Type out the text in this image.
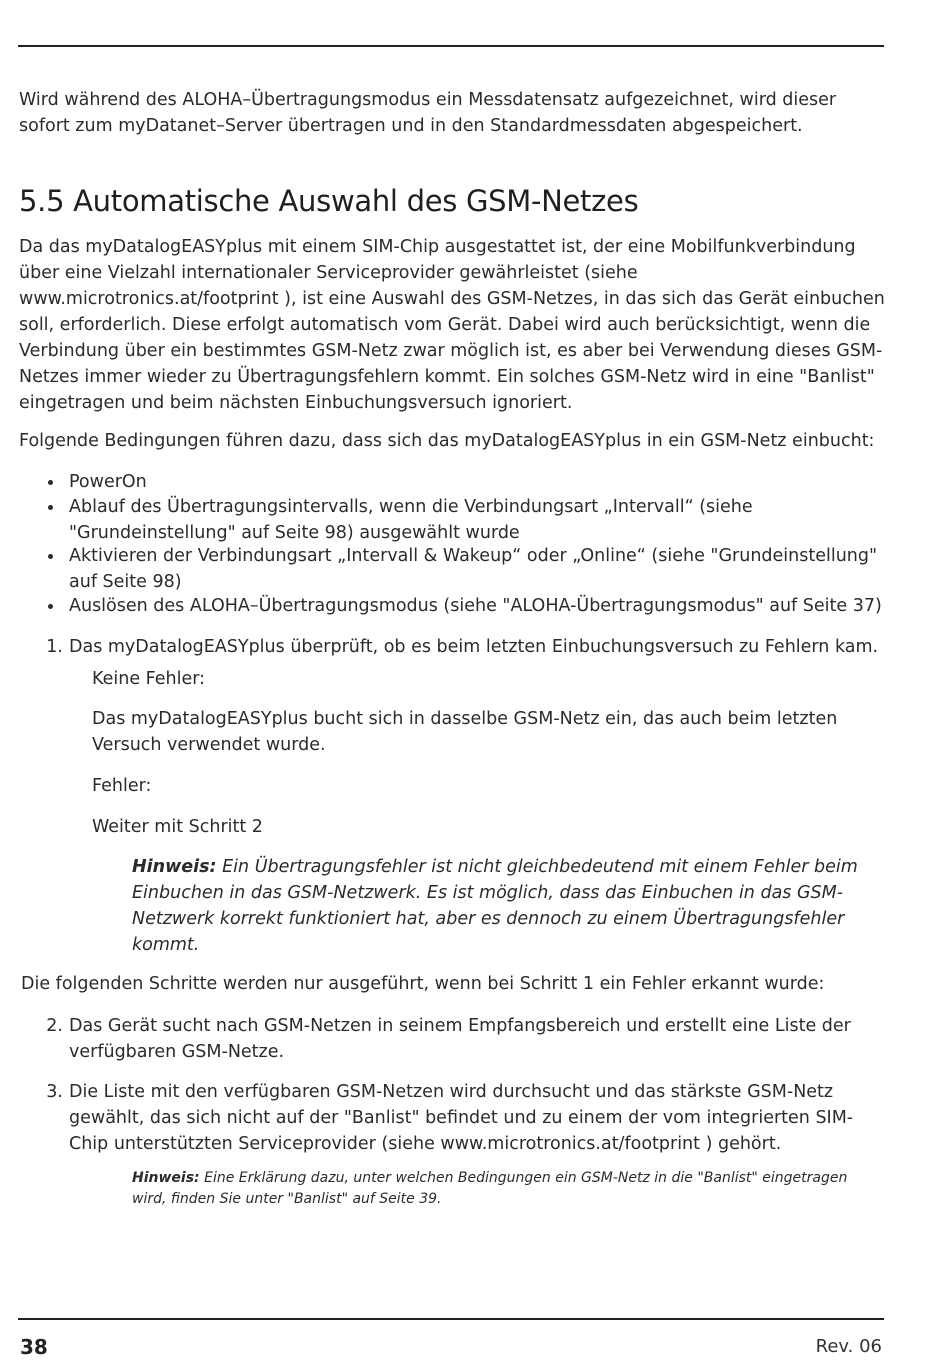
Wird während des ALOHA–Übertragungsmodus ein Messdatensatz aufgezeichnet, wird dieser sofort zum myDatanet–Server übertragen und in den Standardmessdaten abgespeichert.

5.5 Automatische Auswahl des GSM-Netzes

Da das myDatalogEASYplus mit einem SIM-Chip ausgestattet ist, der eine Mobilfunkverbindung über eine Vielzahl internationaler Serviceprovider gewährleistet (siehe www.microtronics.at/footprint ), ist eine Auswahl des GSM-Netzes, in das sich das Gerät einbuchen soll, erforderlich. Diese erfolgt automatisch vom Gerät. Dabei wird auch berücksichtigt, wenn die Verbindung über ein bestimmtes GSM-Netz zwar möglich ist, es aber bei Verwendung dieses GSM-Netzes immer wieder zu Übertragungsfehlern kommt. Ein solches GSM-Netz wird in eine "Banlist" eingetragen und beim nächsten Einbuchungsversuch ignoriert.

Folgende Bedingungen führen dazu, dass sich das myDatalogEASYplus in ein GSM-Netz einbucht:

PowerOn
Ablauf des Übertragungsintervalls, wenn die Verbindungsart „Intervall“ (siehe "Grundeinstellung" auf Seite 98) ausgewählt wurde
Aktivieren der Verbindungsart „Intervall & Wakeup“ oder „Online“ (siehe "Grundeinstellung" auf Seite 98)
Auslösen des ALOHA–Übertragungsmodus (siehe "ALOHA-Übertragungsmodus" auf Seite 37)
1. Das myDatalogEASYplus überprüft, ob es beim letzten Einbuchungsversuch zu Fehlern kam.

Keine Fehler:

Das myDatalogEASYplus bucht sich in dasselbe GSM-Netz ein, das auch beim letzten Versuch verwendet wurde.

Fehler:

Weiter mit Schritt 2

Hinweis: Ein Übertragungsfehler ist nicht gleichbedeutend mit einem Fehler beim Einbuchen in das GSM-Netzwerk. Es ist möglich, dass das Einbuchen in das GSM-Netzwerk korrekt funktioniert hat, aber es dennoch zu einem Übertragungsfehler kommt.

Die folgenden Schritte werden nur ausgeführt, wenn bei Schritt 1 ein Fehler erkannt wurde:

2. Das Gerät sucht nach GSM-Netzen in seinem Empfangsbereich und erstellt eine Liste der verfügbaren GSM-Netze.
3. Die Liste mit den verfügbaren GSM-Netzen wird durchsucht und das stärkste GSM-Netz gewählt, das sich nicht auf der "Banlist" befindet und zu einem der vom integrierten SIM-Chip unterstützten Serviceprovider (siehe www.microtronics.at/footprint ) gehört.

Hinweis: Eine Erklärung dazu, unter welchen Bedingungen ein GSM-Netz in die "Banlist" eingetragen wird, finden Sie unter "Banlist" auf Seite 39.

38	Rev. 06
